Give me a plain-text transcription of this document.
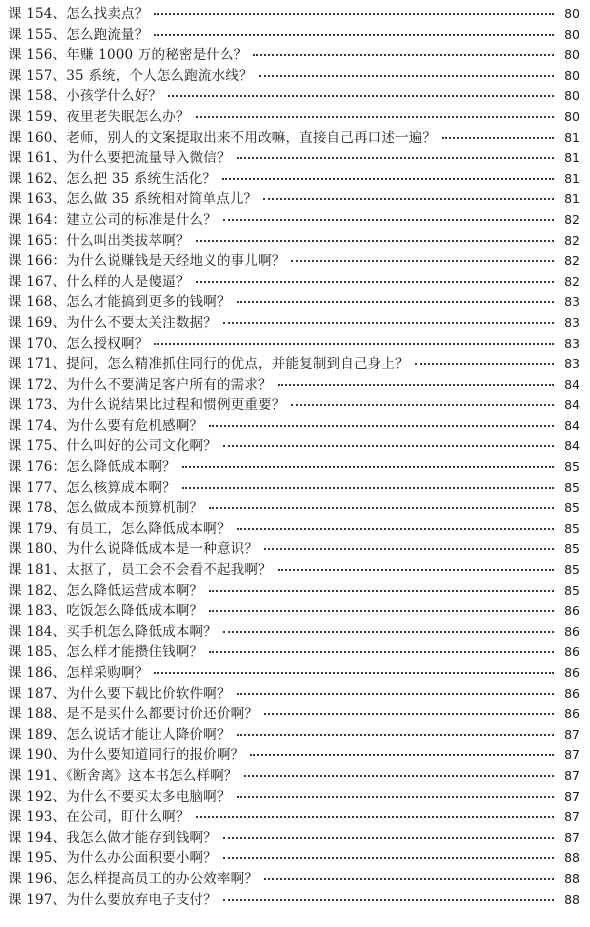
课 154、怎么找卖点？	80
课 155、怎么跑流量？	80
课 156、年赚 1000 万的秘密是什么？	80
课 157、35 系统，个人怎么跑流水线？	80
课 158、小孩学什么好？	80
课 159、夜里老失眠怎么办？	80
课 160、老师，别人的文案提取出来不用改嘛，直接自己再口述一遍？	81
课 161、为什么要把流量导入微信？	81
课 162、怎么把 35 系统生活化？	81
课 163、怎么做 35 系统相对简单点儿？	81
课 164：建立公司的标准是什么？	82
课 165：什么叫出类拔萃啊？	82
课 166：为什么说赚钱是天经地义的事儿啊？	82
课 167、什么样的人是傻逼？	82
课 168、怎么才能搞到更多的钱啊？	83
课 169、为什么不要太关注数据？	83
课 170、怎么授权啊？	83
课 171、提问，怎么精准抓住同行的优点，并能复制到自己身上？	83
课 172、为什么不要满足客户所有的需求？	84
课 173、为什么说结果比过程和惯例更重要？	84
课 174、为什么要有危机感啊？	84
课 175、什么叫好的公司文化啊？	84
课 176：怎么降低成本啊？	85
课 177、怎么核算成本啊？	85
课 178、怎么做成本预算机制？	85
课 179、有员工，怎么降低成本啊？	85
课 180、为什么说降低成本是一种意识？	85
课 181、太抠了，员工会不会看不起我啊？	85
课 182、怎么降低运营成本啊？	85
课 183、吃饭怎么降低成本啊？	86
课 184、买手机怎么降低成本啊？	86
课 185、怎么样才能攒住钱啊？	86
课 186、怎样采购啊？	86
课 187、为什么要下载比价软件啊？	86
课 188、是不是买什么都要讨价还价啊？	86
课 189、怎么说话才能让人降价啊？	87
课 190、为什么要知道同行的报价啊？	87
课 191、《断舍离》这本书怎么样啊？	87
课 192、为什么不要买太多电脑啊？	87
课 193、在公司，盯什么啊？	87
课 194、我怎么做才能存到钱啊？	87
课 195、为什么办公面积要小啊？	88
课 196、怎么样提高员工的办公效率啊？	88
课 197、为什么要放弃电子支付？	88
